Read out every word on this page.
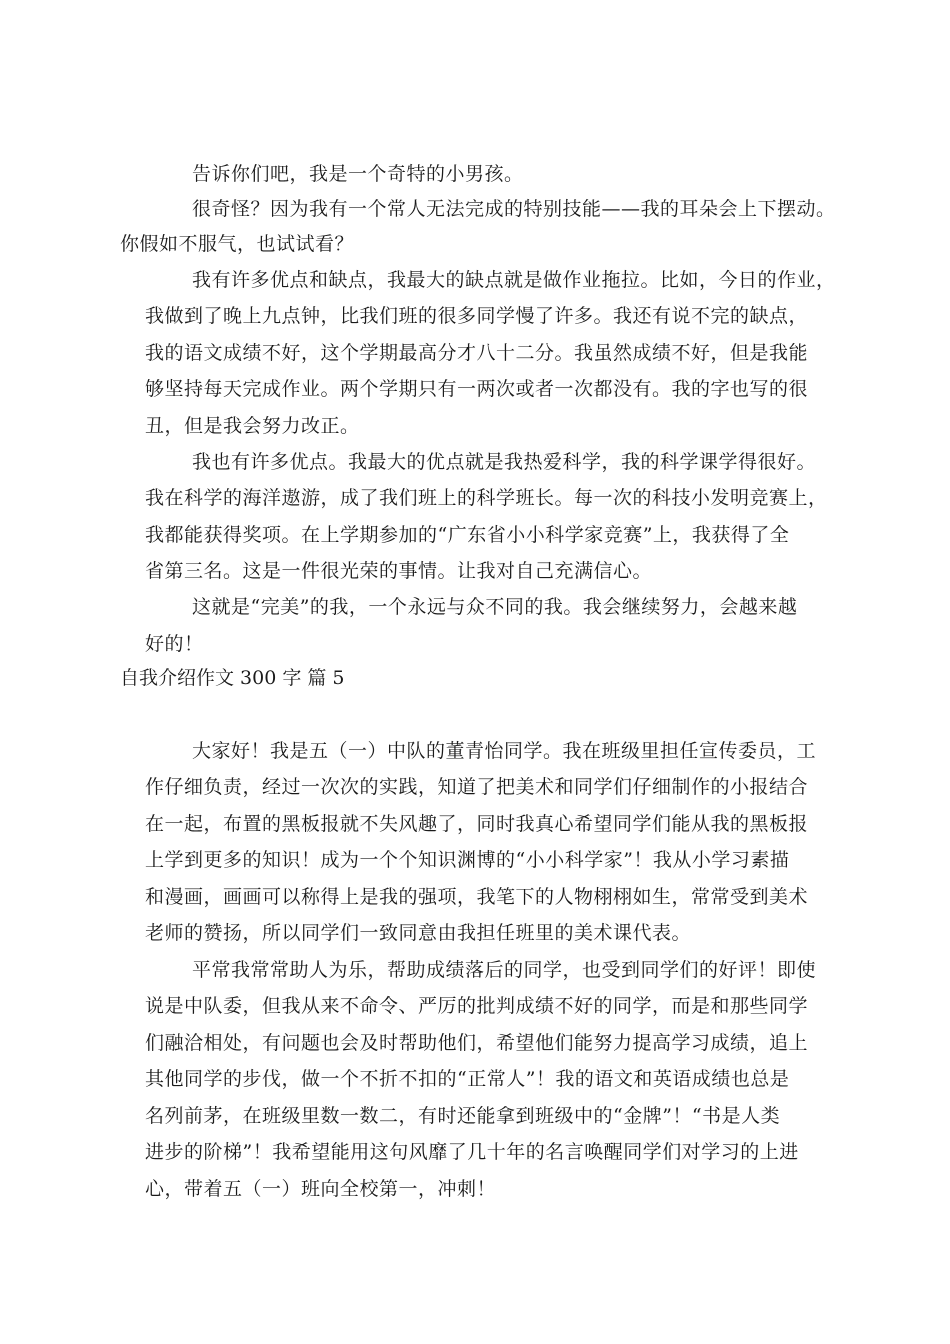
告诉你们吧，我是一个奇特的小男孩。
很奇怪？因为我有一个常人无法完成的特别技能——我的耳朵会上下摆动。
你假如不服气，也试试看？
我有许多优点和缺点，我最大的缺点就是做作业拖拉。比如，今日的作业，
我做到了晚上九点钟，比我们班的很多同学慢了许多。我还有说不完的缺点，
我的语文成绩不好，这个学期最高分才八十二分。我虽然成绩不好，但是我能
够坚持每天完成作业。两个学期只有一两次或者一次都没有。我的字也写的很
丑，但是我会努力改正。
我也有许多优点。我最大的优点就是我热爱科学，我的科学课学得很好。
我在科学的海洋遨游，成了我们班上的科学班长。每一次的科技小发明竞赛上，
我都能获得奖项。在上学期参加的“广东省小小科学家竞赛”上，我获得了全
省第三名。这是一件很光荣的事情。让我对自己充满信心。
这就是“完美”的我，一个永远与众不同的我。我会继续努力，会越来越
好的！
自我介绍作文 300 字 篇 5
大家好！我是五（一）中队的董青怡同学。我在班级里担任宣传委员，工
作仔细负责，经过一次次的实践，知道了把美术和同学们仔细制作的小报结合
在一起，布置的黑板报就不失风趣了，同时我真心希望同学们能从我的黑板报
上学到更多的知识！成为一个个知识渊博的“小小科学家”！我从小学习素描
和漫画，画画可以称得上是我的强项，我笔下的人物栩栩如生，常常受到美术
老师的赞扬，所以同学们一致同意由我担任班里的美术课代表。
平常我常常助人为乐，帮助成绩落后的同学，也受到同学们的好评！即使
说是中队委，但我从来不命令、严厉的批判成绩不好的同学，而是和那些同学
们融洽相处，有问题也会及时帮助他们，希望他们能努力提高学习成绩，追上
其他同学的步伐，做一个不折不扣的“正常人”！我的语文和英语成绩也总是
名列前茅，在班级里数一数二，有时还能拿到班级中的“金牌”！“书是人类
进步的阶梯”！我希望能用这句风靡了几十年的名言唤醒同学们对学习的上进
心，带着五（一）班向全校第一，冲刺！
